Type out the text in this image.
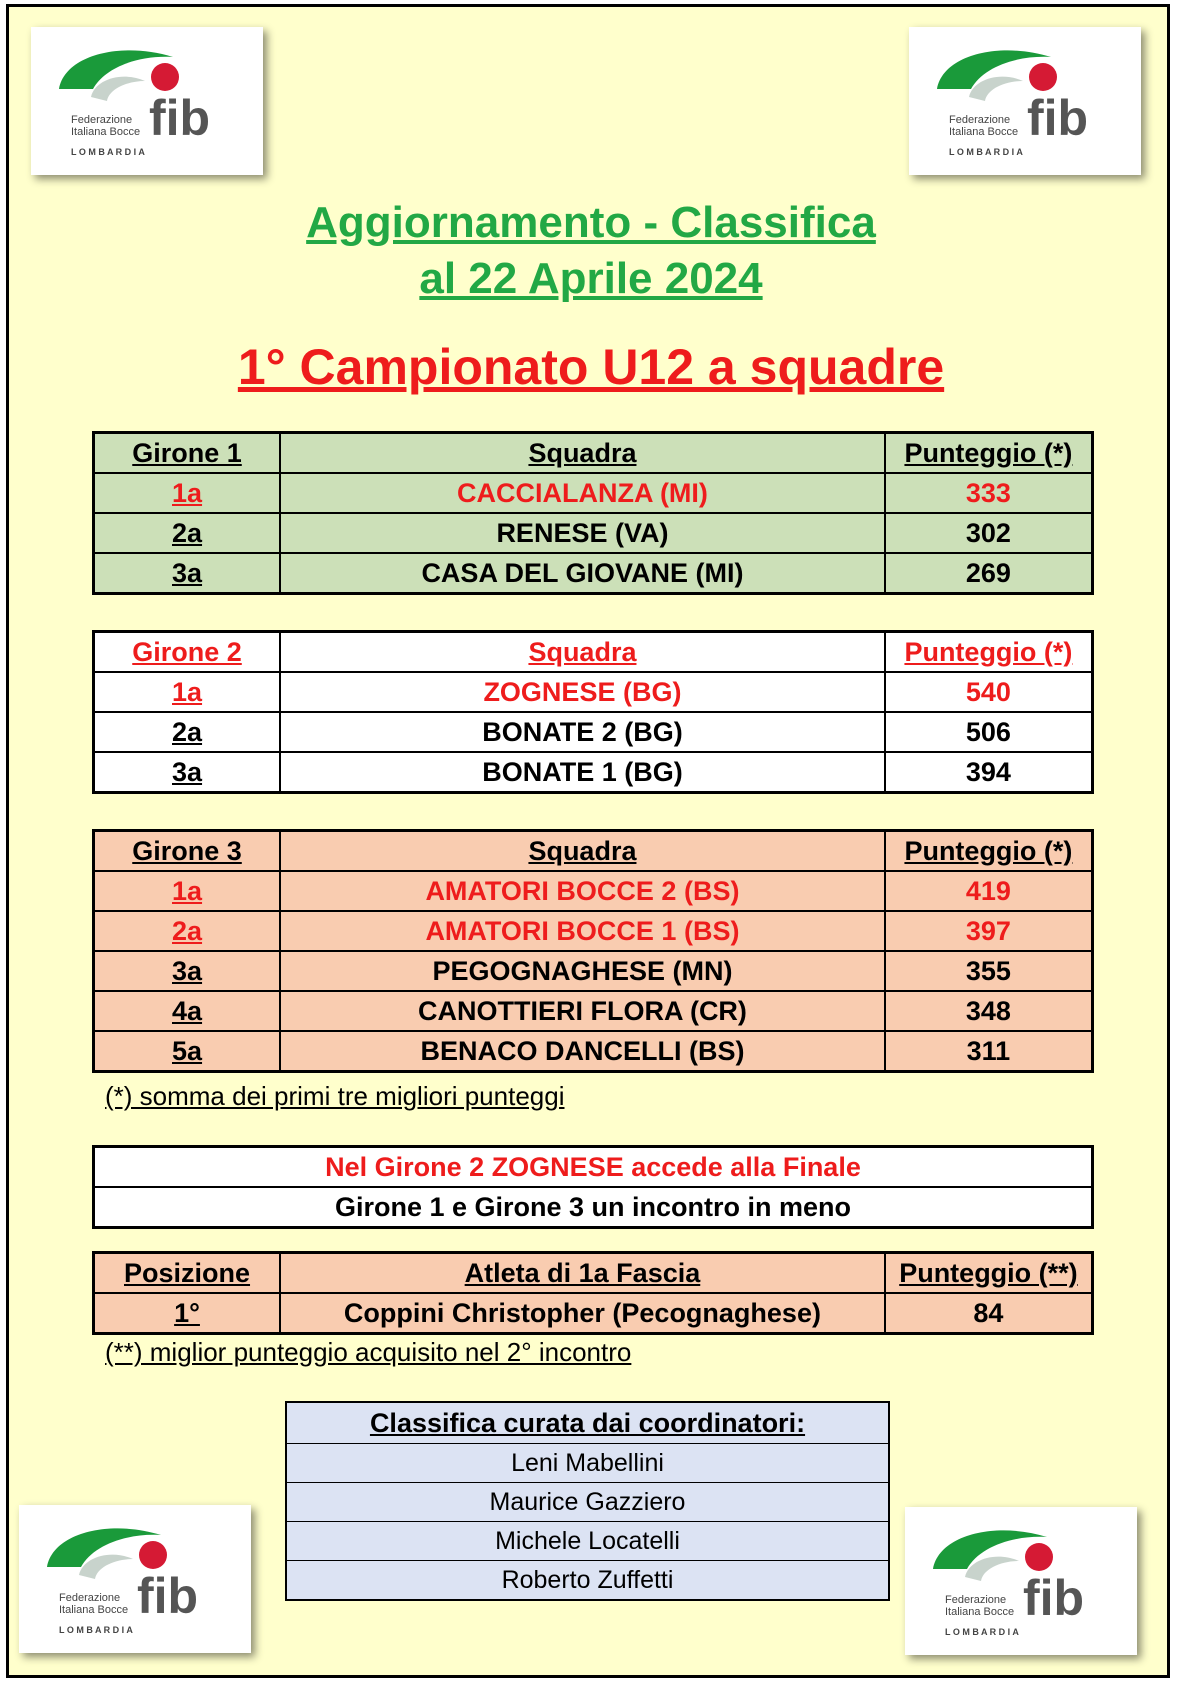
fib
Federazione
Italiana Bocce
L O M B A R D I A
fib
Federazione
Italiana Bocce
L O M B A R D I A
fib
Federazione
Italiana Bocce
L O M B A R D I A
fib
Federazione
Italiana Bocce
L O M B A R D I A
Aggiornamento - Classifica
al 22 Aprile 2024
1° Campionato U12 a squadre
Girone 1	Squadra	Punteggio (*)
1a	CACCIALANZA (MI)	333
2a	RENESE (VA)	302
3a	CASA DEL GIOVANE (MI)	269
Girone 2	Squadra	Punteggio (*)
1a	ZOGNESE (BG)	540
2a	BONATE 2 (BG)	506
3a	BONATE 1 (BG)	394
Girone 3	Squadra	Punteggio (*)
1a	AMATORI BOCCE 2 (BS)	419
2a	AMATORI BOCCE 1 (BS)	397
3a	PEGOGNAGHESE (MN)	355
4a	CANOTTIERI FLORA (CR)	348
5a	BENACO DANCELLI (BS)	311
(*) somma dei primi tre migliori punteggi
Nel Girone 2 ZOGNESE accede alla Finale
Girone 1 e Girone 3 un incontro in meno
Posizione	Atleta di 1a Fascia	Punteggio (**)
1°	Coppini Christopher (Pecognaghese)	84
(**) miglior punteggio acquisito nel 2° incontro
Classifica curata dai coordinatori:
Leni Mabellini
Maurice Gazziero
Michele Locatelli
Roberto Zuffetti
